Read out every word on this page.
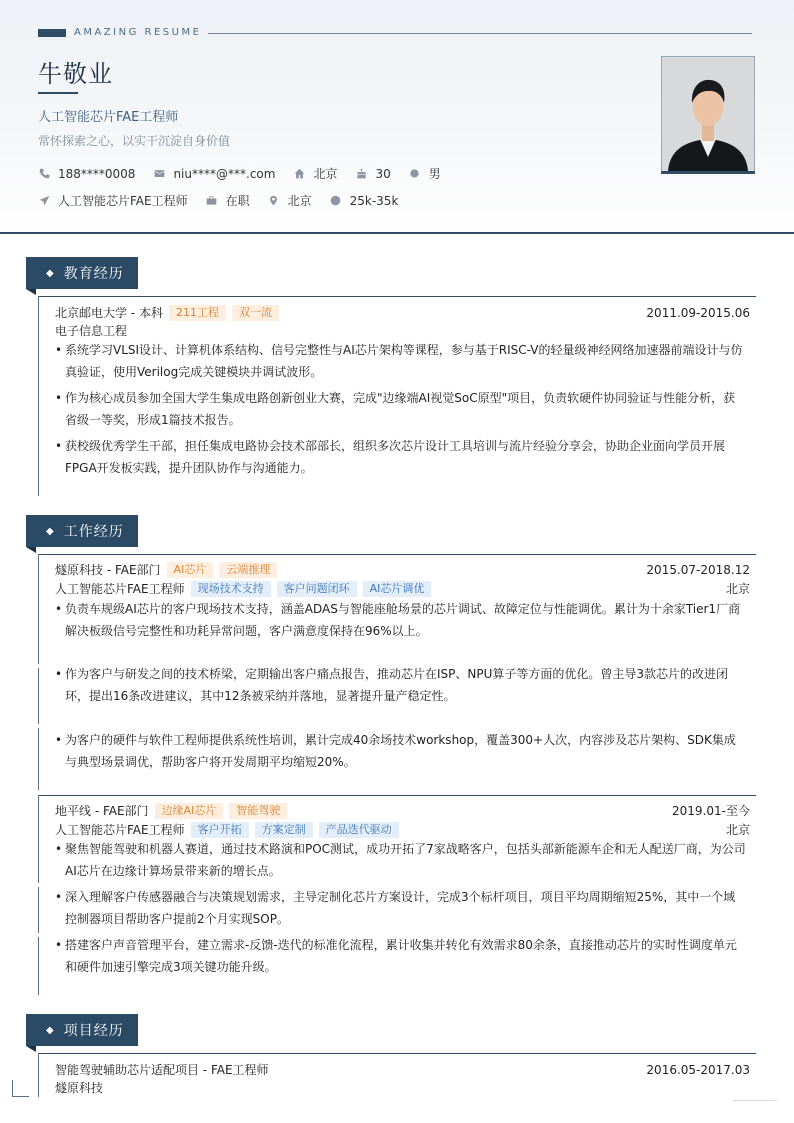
AMAZING RESUME
牛敬业
人工智能芯片FAE工程师
常怀探索之心，以实干沉淀自身价值
188****0008	niu****@***.com	北京	30	男
人工智能芯片FAE工程师	在职	北京	25k-35k
◆ 教育经历
北京邮电大学 - 本科	211工程	双一流	2011.09-2015.06
电子信息工程
• 系统学习VLSI设计、计算机体系结构、信号完整性与AI芯片架构等课程，参与基于RISC-V的轻量级神经网络加速器前端设计与仿真验证，使用Verilog完成关键模块并调试波形。
• 作为核心成员参加全国大学生集成电路创新创业大赛，完成"边缘端AI视觉SoC原型"项目，负责软硬件协同验证与性能分析，获省级一等奖，形成1篇技术报告。
• 获校级优秀学生干部，担任集成电路协会技术部部长，组织多次芯片设计工具培训与流片经验分享会，协助企业面向学员开展FPGA开发板实践，提升团队协作与沟通能力。
◆ 工作经历
燧原科技 - FAE部门	AI芯片	云端推理	2015.07-2018.12
人工智能芯片FAE工程师	现场技术支持	客户问题闭环	AI芯片调优	北京
• 负责车规级AI芯片的客户现场技术支持，涵盖ADAS与智能座舱场景的芯片调试、故障定位与性能调优。累计为十余家Tier1厂商解决板级信号完整性和功耗异常问题，客户满意度保持在96%以上。
• 作为客户与研发之间的技术桥梁，定期输出客户痛点报告，推动芯片在ISP、NPU算子等方面的优化。曾主导3款芯片的改进闭环，提出16条改进建议，其中12条被采纳并落地，显著提升量产稳定性。
• 为客户的硬件与软件工程师提供系统性培训，累计完成40余场技术workshop，覆盖300+人次，内容涉及芯片架构、SDK集成与典型场景调优，帮助客户将开发周期平均缩短20%。
地平线 - FAE部门	边缘AI芯片	智能驾驶	2019.01-至今
人工智能芯片FAE工程师	客户开拓	方案定制	产品迭代驱动	北京
• 聚焦智能驾驶和机器人赛道，通过技术路演和POC测试，成功开拓了7家战略客户，包括头部新能源车企和无人配送厂商，为公司AI芯片在边缘计算场景带来新的增长点。
• 深入理解客户传感器融合与决策规划需求，主导定制化芯片方案设计，完成3个标杆项目，项目平均周期缩短25%，其中一个域控制器项目帮助客户提前2个月实现SOP。
• 搭建客户声音管理平台，建立需求-反馈-迭代的标准化流程，累计收集并转化有效需求80余条，直接推动芯片的实时性调度单元和硬件加速引擎完成3项关键功能升级。
◆ 项目经历
智能驾驶辅助芯片适配项目 - FAE工程师	2016.05-2017.03
燧原科技
